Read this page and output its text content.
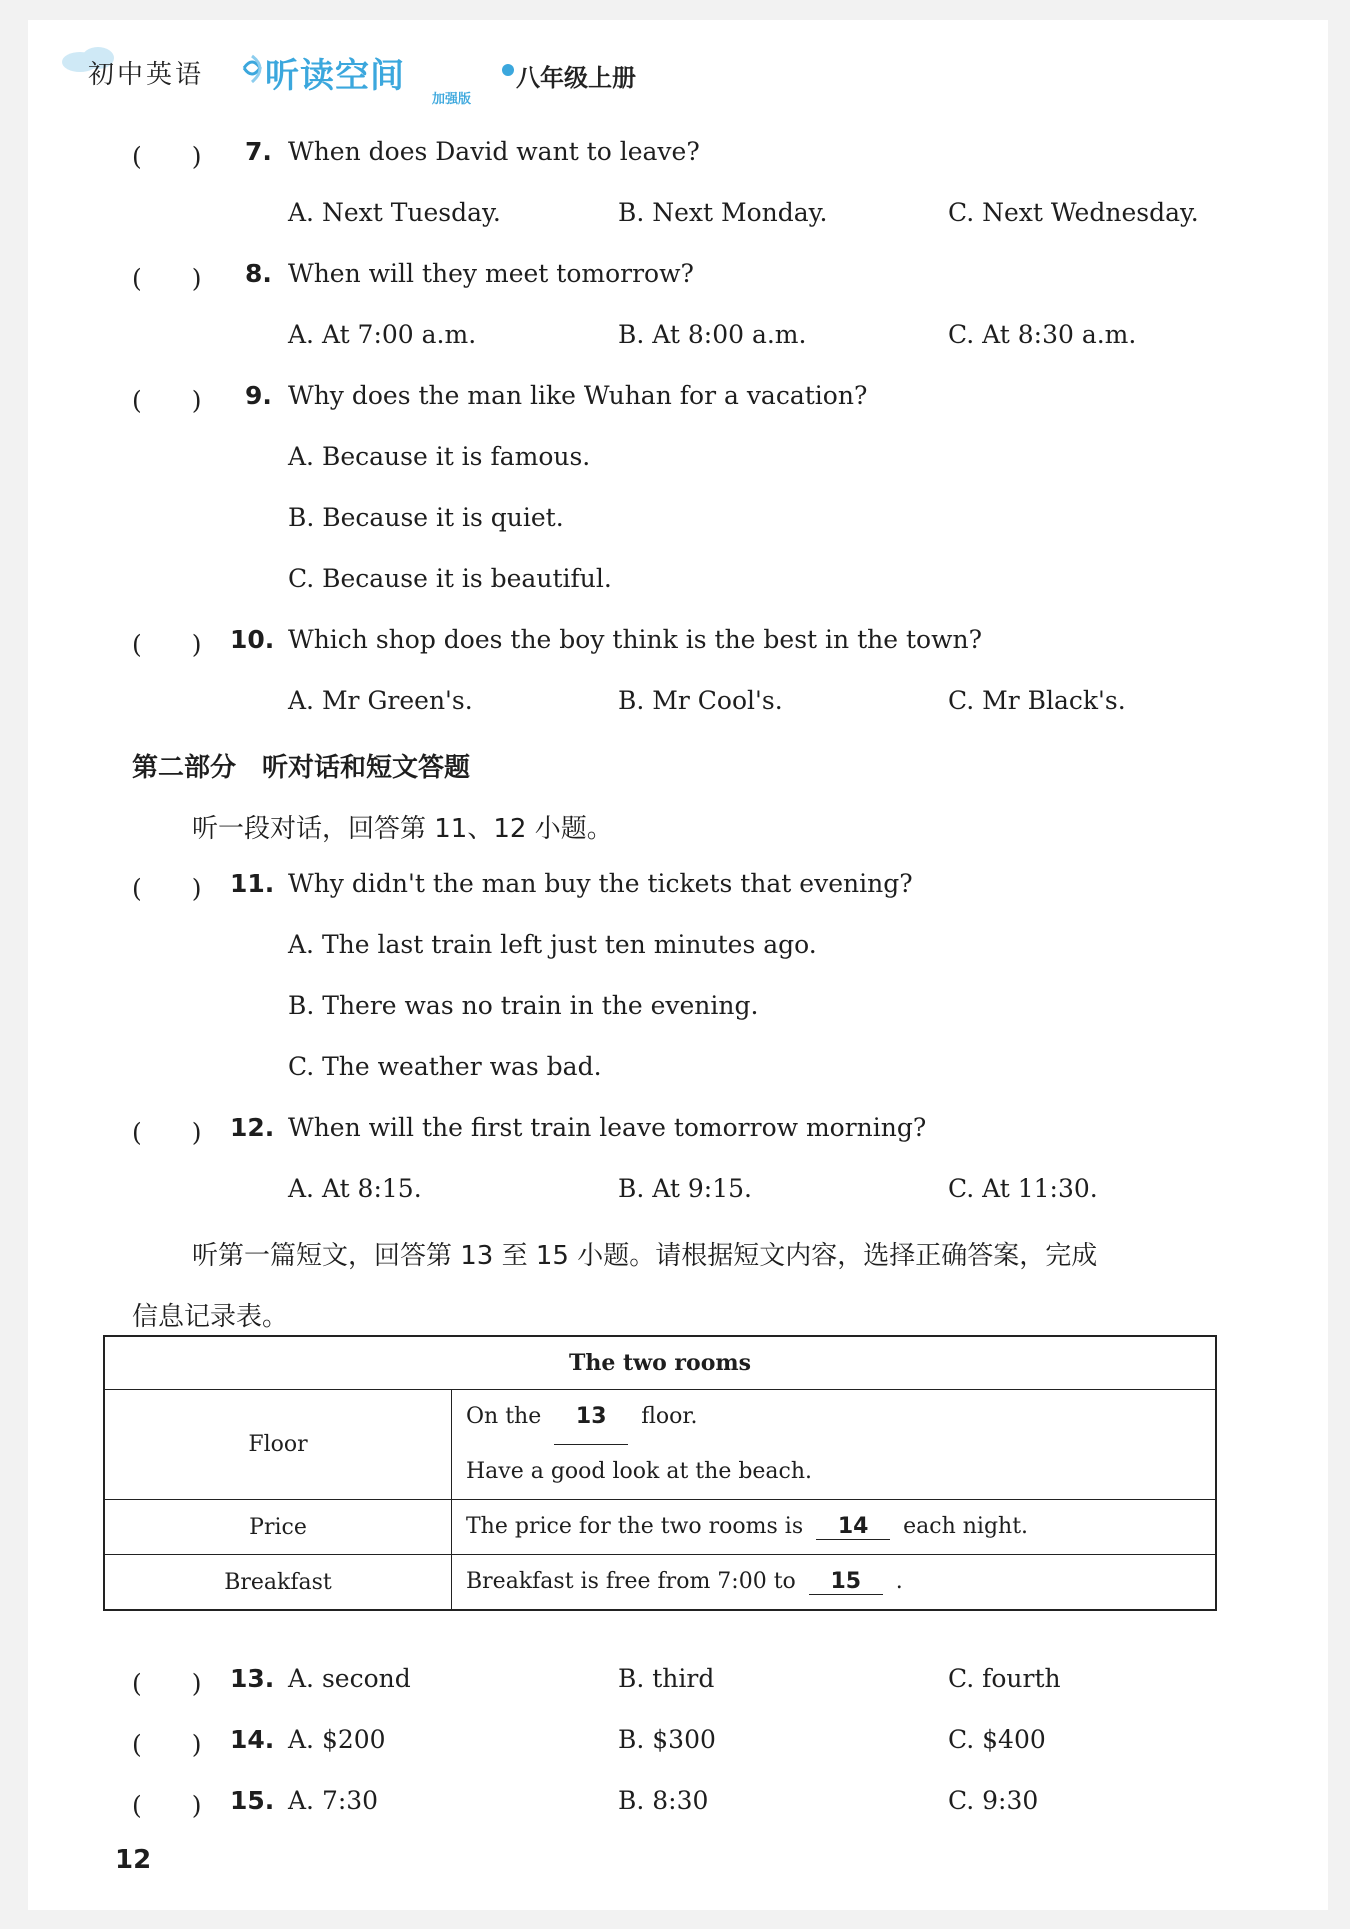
初中英语 听读空间
加强版
八年级上册
(　　) 7. When does David want to leave?
A. Next Tuesday.	B. Next Monday.	C. Next Wednesday.
(　　) 8. When will they meet tomorrow?
A. At 7:00 a.m.	B. At 8:00 a.m.	C. At 8:30 a.m.
(　　) 9. Why does the man like Wuhan for a vacation?
A. Because it is famous.
B. Because it is quiet.
C. Because it is beautiful.
(　　) 10. Which shop does the boy think is the best in the town?
A. Mr Green's.	B. Mr Cool's.	C. Mr Black's.
第二部分　听对话和短文答题
听一段对话，回答第 11、12 小题。
(　　) 11. Why didn't the man buy the tickets that evening?
A. The last train left just ten minutes ago.
B. There was no train in the evening.
C. The weather was bad.
(　　) 12. When will the first train leave tomorrow morning?
A. At 8:15.	B. At 9:15.	C. At 11:30.
听第一篇短文，回答第 13 至 15 小题。请根据短文内容，选择正确答案，完成
信息记录表。
The two rooms	
Floor	On the 13 floor.
Have a good look at the beach.

Price	The price for the two rooms is 14 each night.
Breakfast	Breakfast is free from 7:00 to 15 .
(　　) 13. A. second	B. third	C. fourth
(　　) 14. A. $200	B. $300	C. $400
(　　) 15. A. 7:30	B. 8:30	C. 9:30
12
